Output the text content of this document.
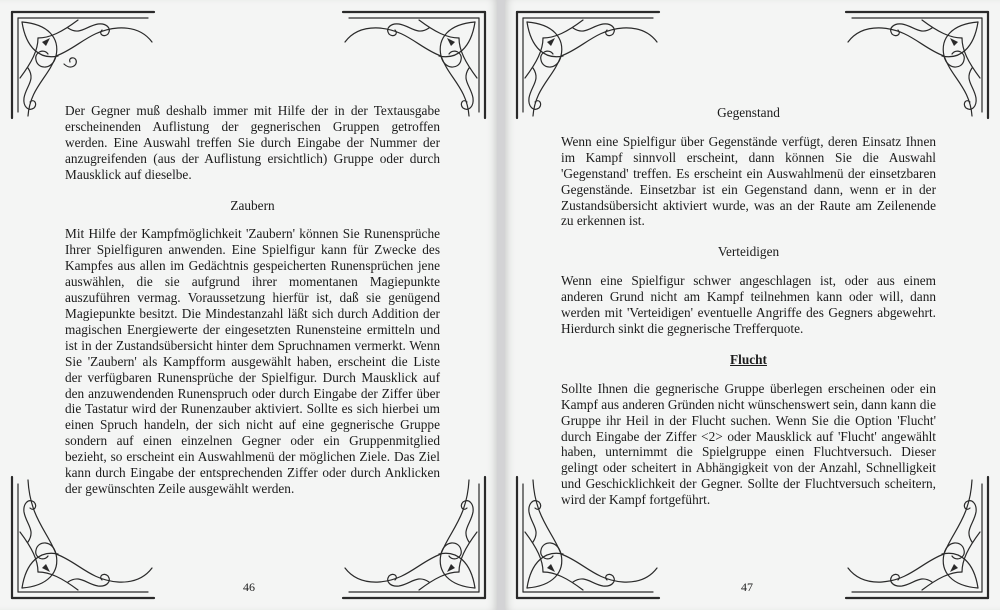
Der Gegner muß deshalb immer mit Hilfe der in der Textausgabe erscheinenden Auflistung der gegnerischen Gruppen getroffen werden. Eine Auswahl treffen Sie durch Eingabe der Nummer der anzugreifenden (aus der Auflistung ersichtlich) Gruppe oder durch Mausklick auf dieselbe.

Zaubern

Mit Hilfe der Kampfmöglichkeit 'Zaubern' können Sie Runensprüche Ihrer Spielfiguren anwenden. Eine Spielfigur kann für Zwecke des Kampfes aus allen im Gedächtnis gespeicherten Runensprüchen jene auswählen, die sie aufgrund ihrer momentanen Magiepunkte auszuführen vermag. Voraussetzung hierfür ist, daß sie genügend Magiepunkte besitzt. Die Mindestanzahl läßt sich durch Addition der magischen Energiewerte der eingesetzten Runensteine ermitteln und ist in der Zustandsübersicht hinter dem Spruchnamen vermerkt. Wenn Sie 'Zaubern' als Kampfform ausgewählt haben, erscheint die Liste der verfügbaren Runensprüche der Spielfigur. Durch Mausklick auf den anzuwendenden Runenspruch oder durch Eingabe der Ziffer über die Tastatur wird der Runenzauber aktiviert. Sollte es sich hierbei um einen Spruch handeln, der sich nicht auf eine gegnerische Gruppe sondern auf einen einzelnen Gegner oder ein Gruppenmitglied bezieht, so erscheint ein Auswahlmenü der möglichen Ziele. Das Ziel kann durch Eingabe der entsprechenden Ziffer oder durch Anklicken der gewünschten Zeile ausgewählt werden.

46

Gegenstand

Wenn eine Spielfigur über Gegenstände verfügt, deren Einsatz Ihnen im Kampf sinnvoll erscheint, dann können Sie die Auswahl 'Gegenstand' treffen. Es erscheint ein Auswahlmenü der einsetzbaren Gegenstände. Einsetzbar ist ein Gegenstand dann, wenn er in der Zustandsübersicht aktiviert wurde, was an der Raute am Zeilenende zu erkennen ist.

Verteidigen

Wenn eine Spielfigur schwer angeschlagen ist, oder aus einem anderen Grund nicht am Kampf teilnehmen kann oder will, dann werden mit 'Verteidigen' eventuelle Angriffe des Gegners abgewehrt. Hierdurch sinkt die gegnerische Trefferquote.

Flucht

Sollte Ihnen die gegnerische Gruppe überlegen erscheinen oder ein Kampf aus anderen Gründen nicht wünschenswert sein, dann kann die Gruppe ihr Heil in der Flucht suchen. Wenn Sie die Option 'Flucht' durch Eingabe der Ziffer <2> oder Mausklick auf 'Flucht' angewählt haben, unternimmt die Spielgruppe einen Fluchtversuch. Dieser gelingt oder scheitert in Abhängigkeit von der Anzahl, Schnelligkeit und Geschicklichkeit der Gegner. Sollte der Fluchtversuch scheitern, wird der Kampf fortgeführt.

47
